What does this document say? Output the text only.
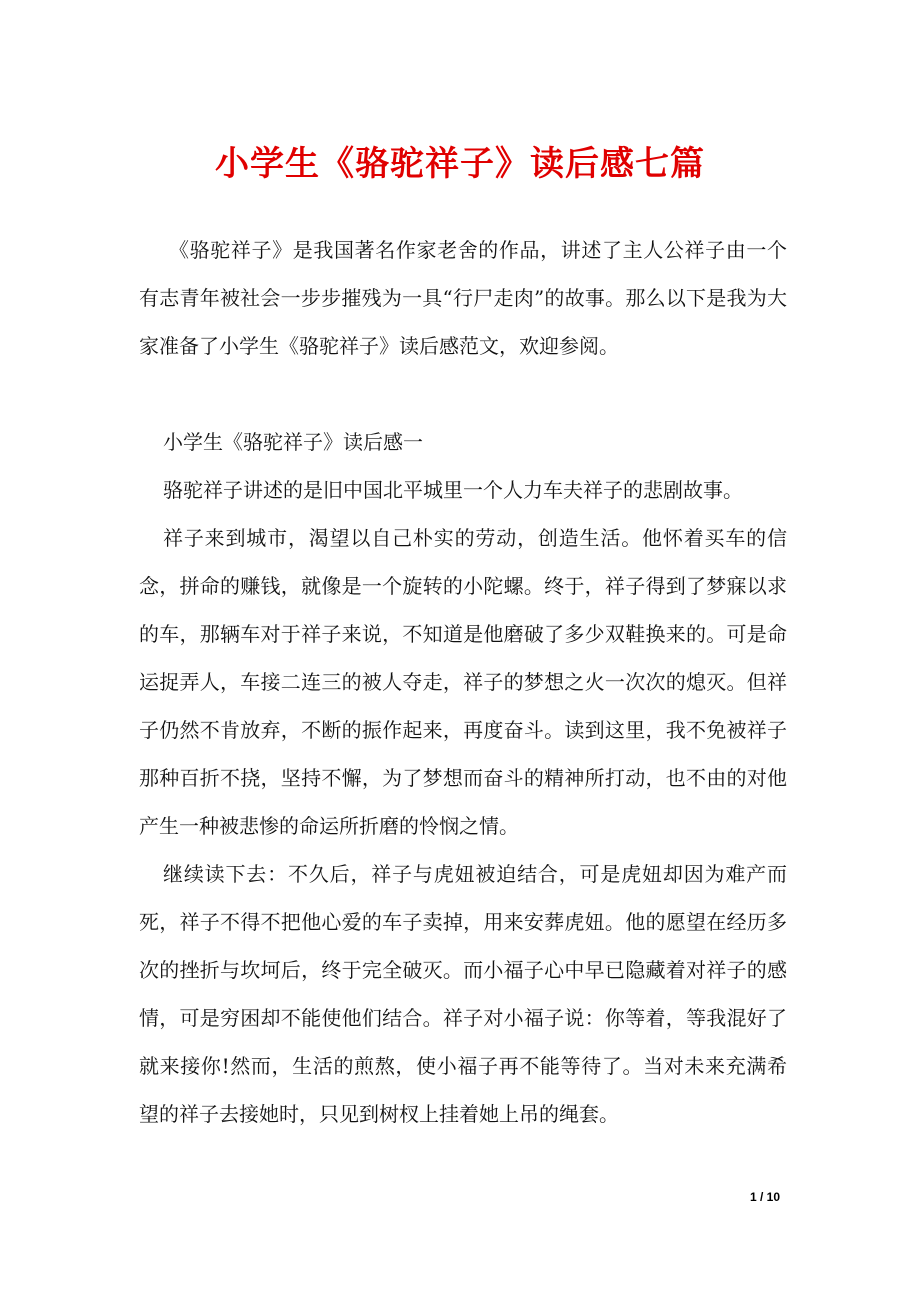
小学生《骆驼祥子》读后感七篇

《骆驼祥子》是我国著名作家老舍的作品，讲述了主人公祥子由一个有志青年被社会一步步摧残为一具“行尸走肉”的故事。那么以下是我为大家准备了小学生《骆驼祥子》读后感范文，欢迎参阅。

小学生《骆驼祥子》读后感一

骆驼祥子讲述的是旧中国北平城里一个人力车夫祥子的悲剧故事。

祥子来到城市，渴望以自己朴实的劳动，创造生活。他怀着买车的信念，拼命的赚钱，就像是一个旋转的小陀螺。终于，祥子得到了梦寐以求的车，那辆车对于祥子来说，不知道是他磨破了多少双鞋换来的。可是命运捉弄人，车接二连三的被人夺走，祥子的梦想之火一次次的熄灭。但祥子仍然不肯放弃，不断的振作起来，再度奋斗。读到这里，我不免被祥子那种百折不挠，坚持不懈，为了梦想而奋斗的精神所打动，也不由的对他产生一种被悲惨的命运所折磨的怜悯之情。

继续读下去：不久后，祥子与虎妞被迫结合，可是虎妞却因为难产而死，祥子不得不把他心爱的车子卖掉，用来安葬虎妞。他的愿望在经历多次的挫折与坎坷后，终于完全破灭。而小福子心中早已隐藏着对祥子的感情，可是穷困却不能使他们结合。祥子对小福子说：你等着，等我混好了就来接你!然而，生活的煎熬，使小福子再不能等待了。当对未来充满希望的祥子去接她时，只见到树杈上挂着她上吊的绳套。

1 / 10
